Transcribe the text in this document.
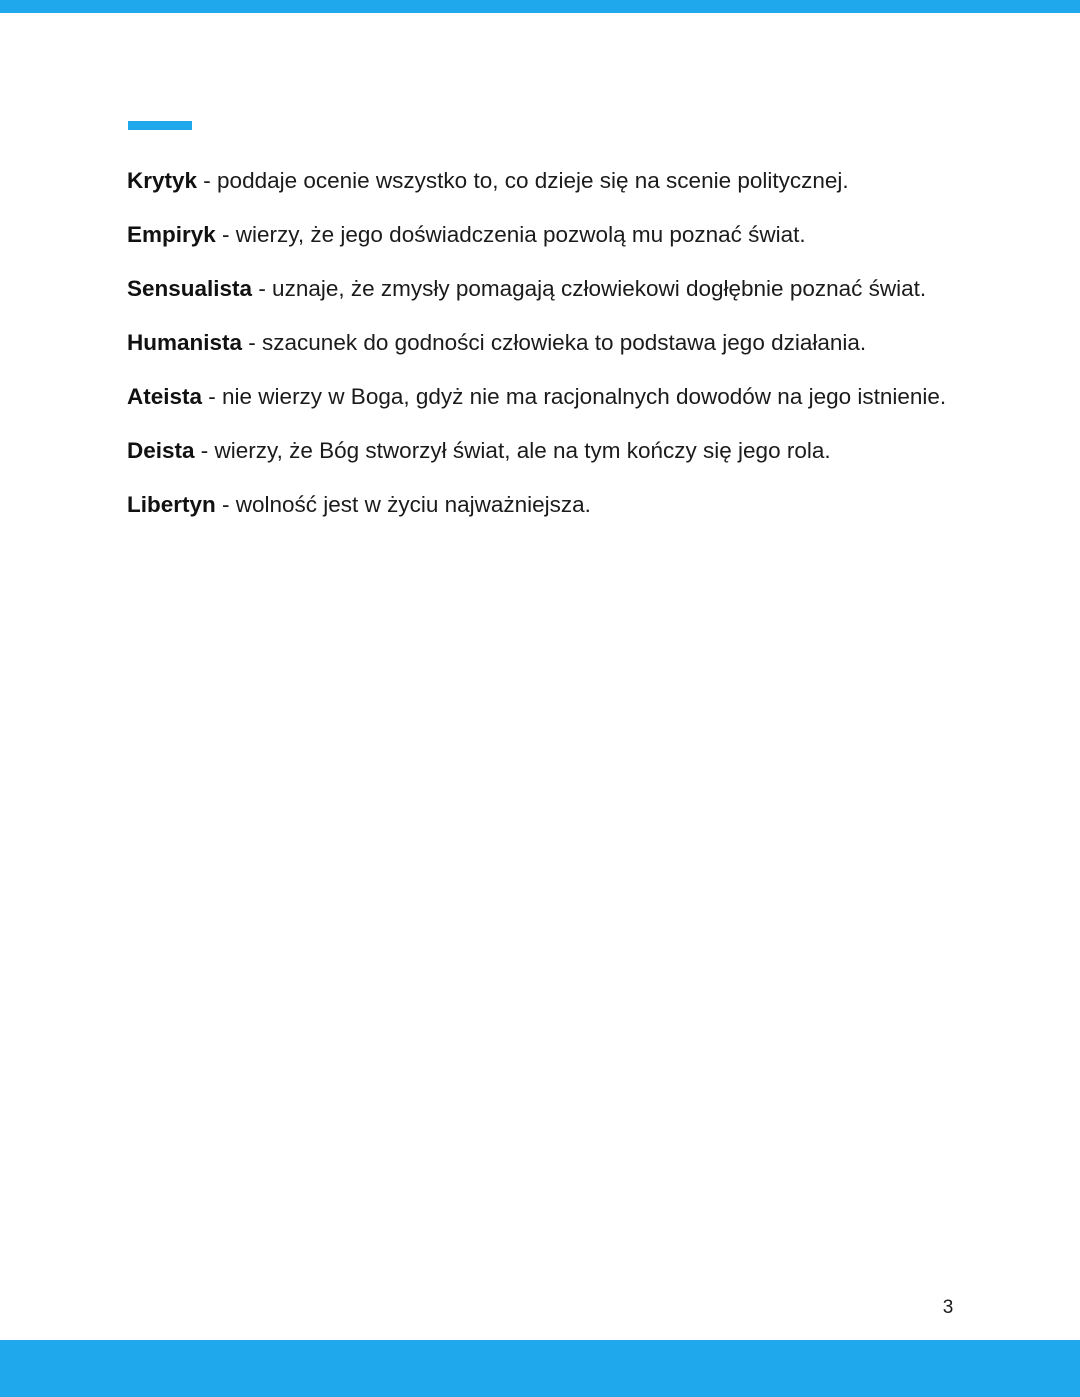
Krytyk - poddaje ocenie wszystko to, co dzieje się na scenie politycznej.

Empiryk - wierzy, że jego doświadczenia pozwolą mu poznać świat.

Sensualista - uznaje, że zmysły pomagają człowiekowi dogłębnie poznać świat.

Humanista - szacunek do godności człowieka to podstawa jego działania.

Ateista - nie wierzy w Boga, gdyż nie ma racjonalnych dowodów na jego istnienie.

Deista - wierzy, że Bóg stworzył świat, ale na tym kończy się jego rola.

Libertyn - wolność jest w życiu najważniejsza.

3
